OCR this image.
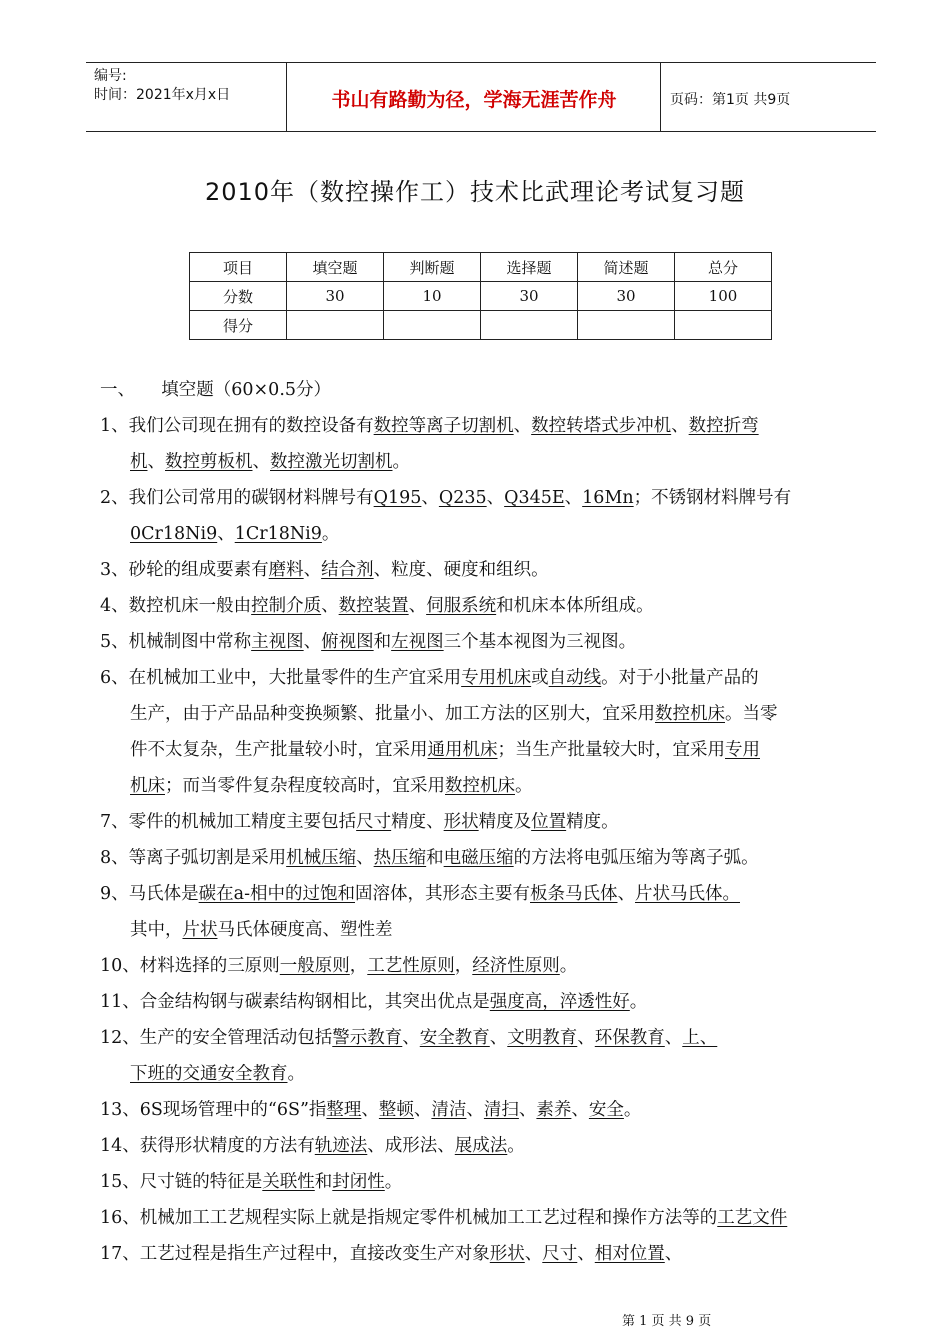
编号:
时间：2021年x月x日	书山有路勤为径，学海无涯苦作舟	页码：第1页 共9页
2010年（数控操作工）技术比武理论考试复习题
项目	填空题	判断题	选择题	简述题	总分
分数	30	10	30	30	100
得分					
一、　　填空题（60×0.5分）
1、我们公司现在拥有的数控设备有数控等离子切割机、数控转塔式步冲机、数控折弯
机、数控剪板机、数控激光切割机。
2、我们公司常用的碳钢材料牌号有Q195、Q235、Q345E、16Mn；不锈钢材料牌号有
0Cr18Ni9、1Cr18Ni9。
3、砂轮的组成要素有磨料、结合剂、粒度、硬度和组织。
4、数控机床一般由控制介质、数控装置、伺服系统和机床本体所组成。
5、机械制图中常称主视图、俯视图和左视图三个基本视图为三视图。
6、在机械加工业中，大批量零件的生产宜采用专用机床或自动线。对于小批量产品的
生产，由于产品品种变换频繁、批量小、加工方法的区别大，宜采用数控机床。当零
件不太复杂，生产批量较小时，宜采用通用机床；当生产批量较大时，宜采用专用
机床；而当零件复杂程度较高时，宜采用数控机床。
7、零件的机械加工精度主要包括尺寸精度、形状精度及位置精度。
8、等离子弧切割是采用机械压缩、热压缩和电磁压缩的方法将电弧压缩为等离子弧。
9、马氏体是碳在a-相中的过饱和固溶体，其形态主要有板条马氏体、片状马氏体。
其中，片状马氏体硬度高、塑性差
10、材料选择的三原则一般原则，工艺性原则，经济性原则。
11、合金结构钢与碳素结构钢相比，其突出优点是强度高，淬透性好。
12、生产的安全管理活动包括警示教育、安全教育、文明教育、环保教育、上、
下班的交通安全教育。
13、6S现场管理中的“6S”指整理、整顿、清洁、清扫、素养、安全。
14、获得形状精度的方法有轨迹法、成形法、展成法。
15、尺寸链的特征是关联性和封闭性。
16、机械加工工艺规程实际上就是指规定零件机械加工工艺过程和操作方法等的工艺文件
17、工艺过程是指生产过程中，直接改变生产对象形状、尺寸、相对位置、
第 1 页 共 9 页
